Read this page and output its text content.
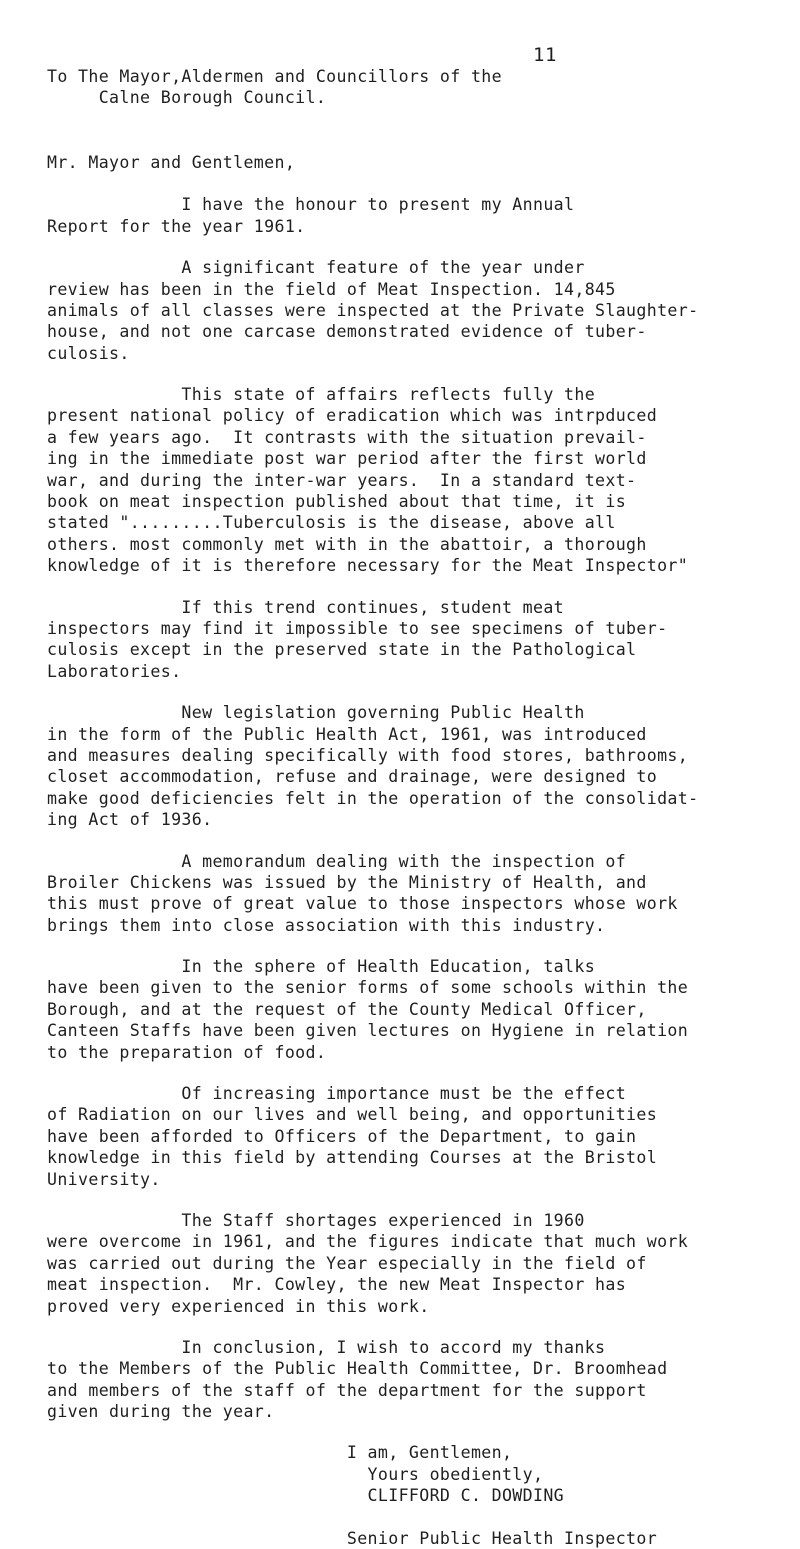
11
To The Mayor,Aldermen and Councillors of the
Calne Borough Council.
Mr. Mayor and Gentlemen,
I have the honour to present my Annual
Report for the year 1961.
A significant feature of the year under
review has been in the field of Meat Inspection. 14,845
animals of all classes were inspected at the Private Slaughter-
house, and not one carcase demonstrated evidence of tuber-
culosis.
This state of affairs reflects fully the
present national policy of eradication which was intrpduced
a few years ago.  It contrasts with the situation prevail-
ing in the immediate post war period after the first world
war, and during the inter-war years.  In a standard text-
book on meat inspection published about that time, it is
stated ".........Tuberculosis is the disease, above all
others. most commonly met with in the abattoir, a thorough
knowledge of it is therefore necessary for the Meat Inspector"
If this trend continues, student meat
inspectors may find it impossible to see specimens of tuber-
culosis except in the preserved state in the Pathological
Laboratories.
New legislation governing Public Health
in the form of the Public Health Act, 1961, was introduced
and measures dealing specifically with food stores, bathrooms,
closet accommodation, refuse and drainage, were designed to
make good deficiencies felt in the operation of the consolidat-
ing Act of 1936.
A memorandum dealing with the inspection of
Broiler Chickens was issued by the Ministry of Health, and
this must prove of great value to those inspectors whose work
brings them into close association with this industry.
In the sphere of Health Education, talks
have been given to the senior forms of some schools within the
Borough, and at the request of the County Medical Officer,
Canteen Staffs have been given lectures on Hygiene in relation
to the preparation of food.
Of increasing importance must be the effect
of Radiation on our lives and well being, and opportunities
have been afforded to Officers of the Department, to gain
knowledge in this field by attending Courses at the Bristol
University.
The Staff shortages experienced in 1960
were overcome in 1961, and the figures indicate that much work
was carried out during the Year especially in the field of
meat inspection.  Mr. Cowley, the new Meat Inspector has
proved very experienced in this work.
In conclusion, I wish to accord my thanks
to the Members of the Public Health Committee, Dr. Broomhead
and members of the staff of the department for the support
given during the year.
I am, Gentlemen,
Yours obediently,
CLIFFORD C. DOWDING
Senior Public Health Inspector
